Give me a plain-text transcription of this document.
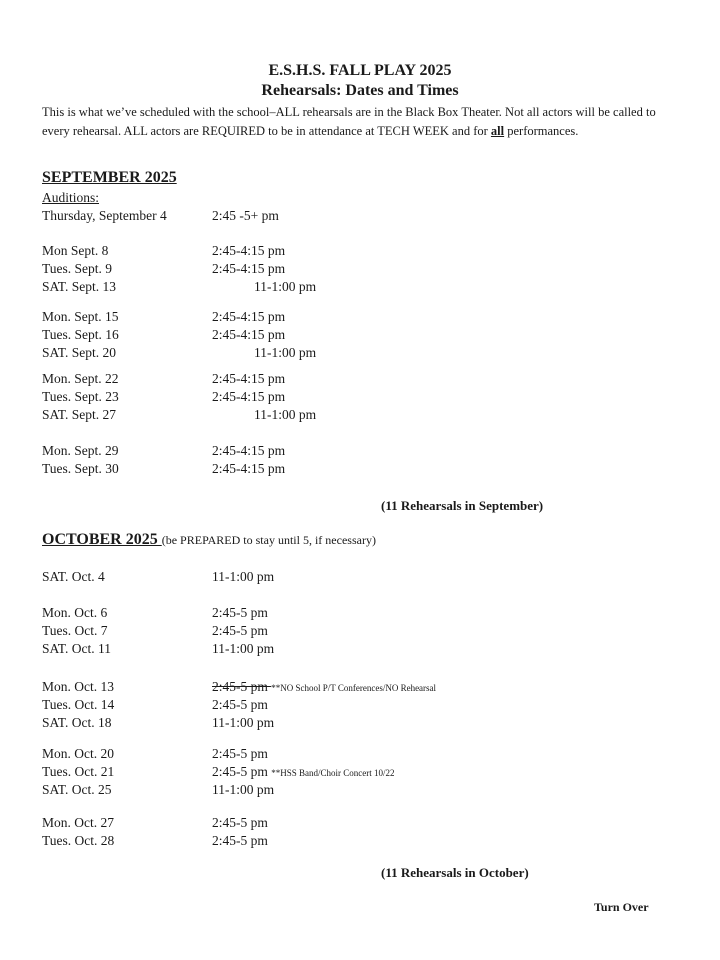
E.S.H.S. FALL PLAY 2025
Rehearsals: Dates and Times
This is what we’ve scheduled with the school–ALL rehearsals are in the Black Box Theater. Not all actors will be called to every rehearsal. ALL actors are REQUIRED to be in attendance at TECH WEEK and for all performances.
SEPTEMBER 2025
Auditions:
Thursday, September 4	2:45 -5+ pm
Mon Sept. 8	2:45-4:15 pm
Tues. Sept. 9	2:45-4:15 pm
SAT. Sept. 13	11-1:00 pm
Mon. Sept. 15	2:45-4:15 pm
Tues. Sept. 16	2:45-4:15 pm
SAT. Sept. 20	11-1:00 pm
Mon. Sept. 22	2:45-4:15 pm
Tues. Sept. 23	2:45-4:15 pm
SAT. Sept. 27	11-1:00 pm
Mon. Sept. 29	2:45-4:15 pm
Tues. Sept. 30	2:45-4:15 pm
(11 Rehearsals in September)
OCTOBER 2025 (be PREPARED to stay until 5, if necessary)
SAT. Oct. 4	11-1:00 pm
Mon. Oct. 6	2:45-5 pm
Tues. Oct. 7	2:45-5 pm
SAT. Oct. 11	11-1:00 pm
Mon. Oct. 13	2:45-5 pm **NO School P/T Conferences/NO Rehearsal
Tues. Oct. 14	2:45-5 pm
SAT. Oct. 18	11-1:00 pm
Mon. Oct. 20	2:45-5 pm
Tues. Oct. 21	2:45-5 pm **HSS Band/Choir Concert 10/22
SAT. Oct. 25	11-1:00 pm
Mon. Oct. 27	2:45-5 pm
Tues. Oct. 28	2:45-5 pm
(11 Rehearsals in October)
Turn Over
